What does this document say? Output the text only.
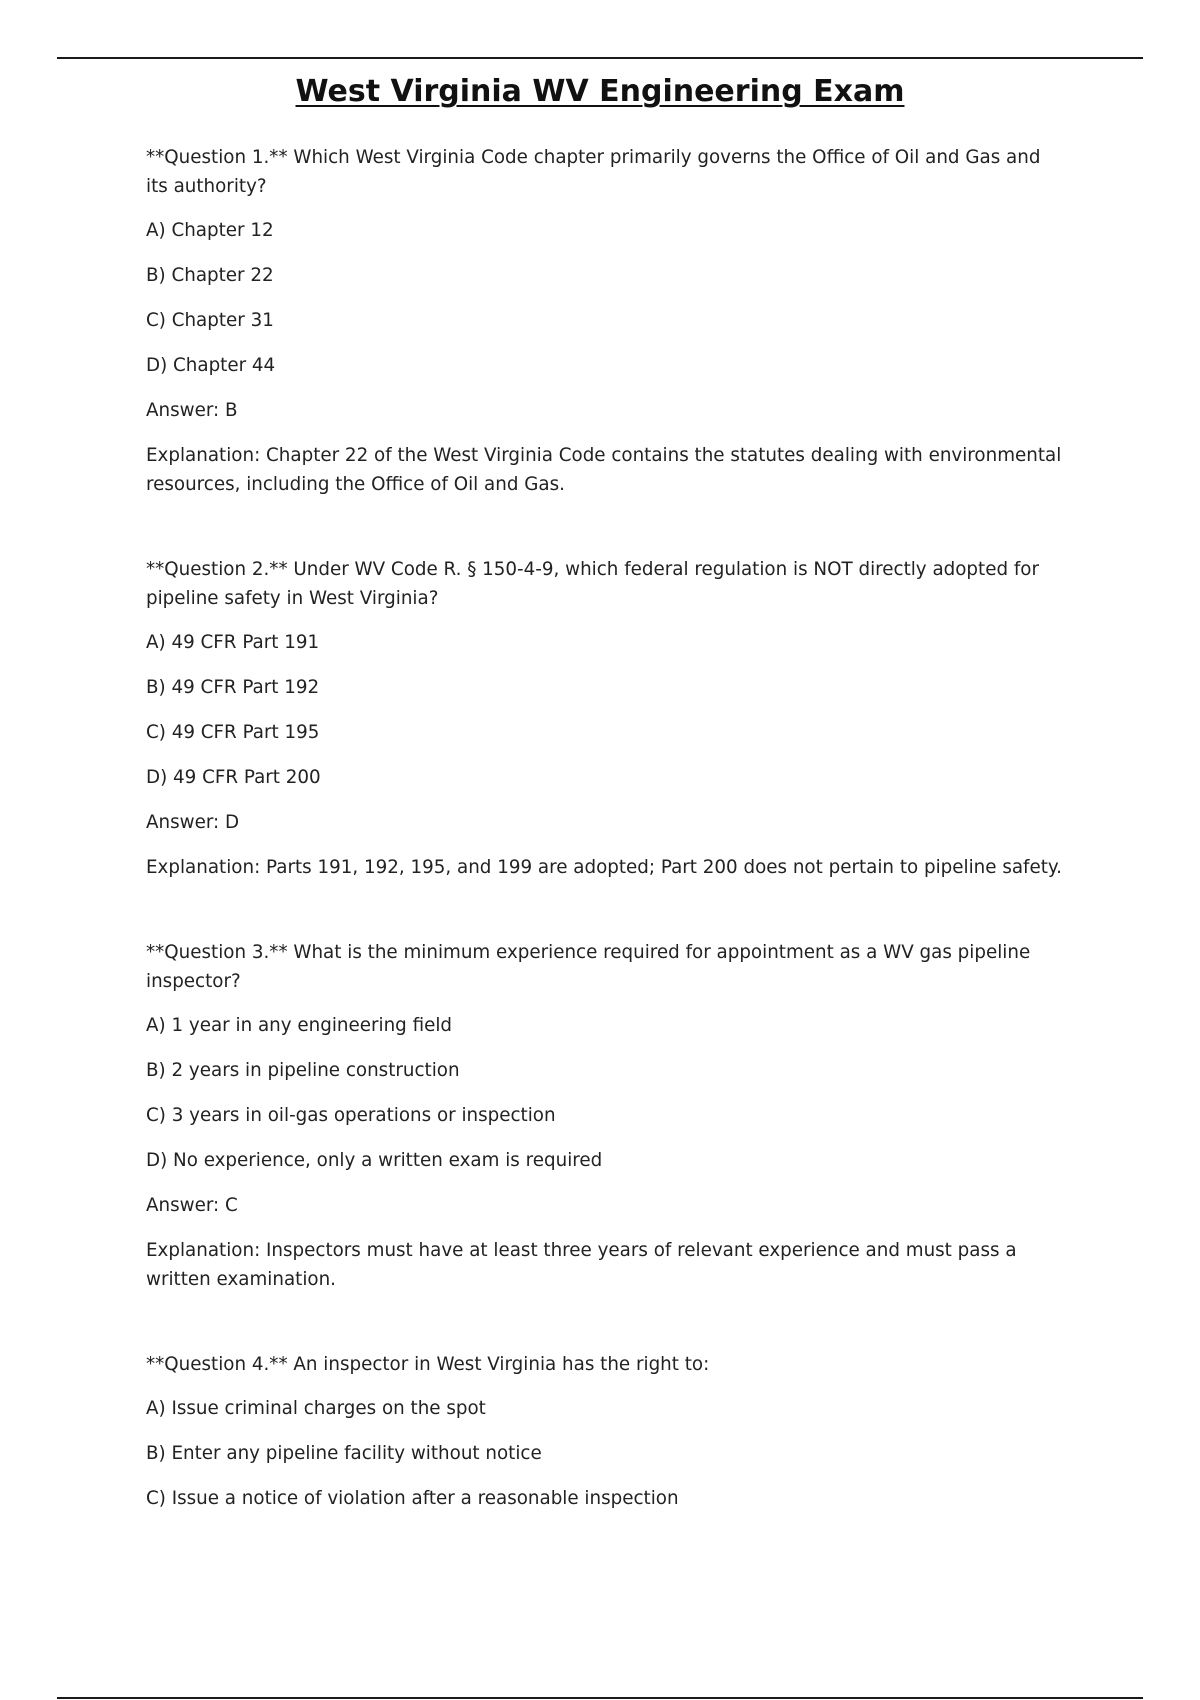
West Virginia WV Engineering Exam

**Question 1.** Which West Virginia Code chapter primarily governs the Office of Oil and Gas and its authority?

A) Chapter 12

B) Chapter 22

C) Chapter 31

D) Chapter 44

Answer: B

Explanation: Chapter 22 of the West Virginia Code contains the statutes dealing with environmental resources, including the Office of Oil and Gas.

**Question 2.** Under WV Code R. § 150-4-9, which federal regulation is NOT directly adopted for pipeline safety in West Virginia?

A) 49 CFR Part 191

B) 49 CFR Part 192

C) 49 CFR Part 195

D) 49 CFR Part 200

Answer: D

Explanation: Parts 191, 192, 195, and 199 are adopted; Part 200 does not pertain to pipeline safety.

**Question 3.** What is the minimum experience required for appointment as a WV gas pipeline inspector?

A) 1 year in any engineering field

B) 2 years in pipeline construction

C) 3 years in oil-gas operations or inspection

D) No experience, only a written exam is required

Answer: C

Explanation: Inspectors must have at least three years of relevant experience and must pass a written examination.

**Question 4.** An inspector in West Virginia has the right to:

A) Issue criminal charges on the spot

B) Enter any pipeline facility without notice

C) Issue a notice of violation after a reasonable inspection
